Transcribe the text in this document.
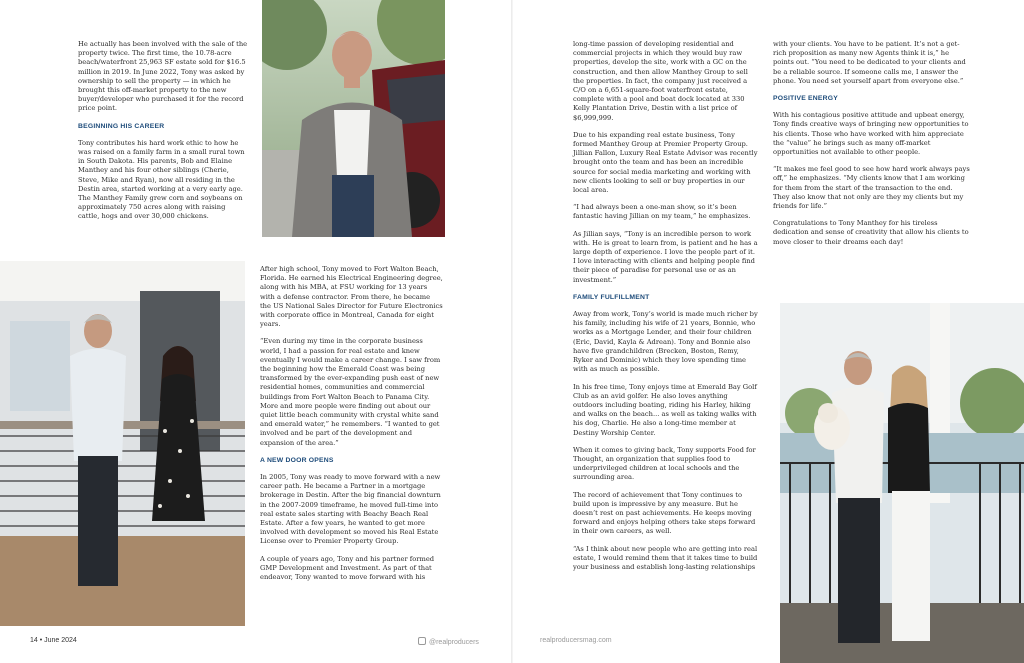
He actually has been involved with the sale of the property twice. The first time, the 10.78-acre beach/waterfront 25,963 SF estate sold for $16.5 million in 2019. In June 2022, Tony was asked by ownership to sell the property — in which he brought this off-market property to the new buyer/developer who purchased it for the record price point.

BEGINNING HIS CAREER

Tony contributes his hard work ethic to how he was raised on a family farm in a small rural town in South Dakota. His parents, Bob and Elaine Manthey and his four other siblings (Cherie, Steve, Mike and Ryan), now all residing in the Destin area, started working at a very early age. The Manthey Family grew corn and soybeans on approximately 750 acres along with raising cattle, hogs and over 30,000 chickens.

After high school, Tony moved to Fort Walton Beach, Florida. He earned his Electrical Engineering degree, along with his MBA, at FSU working for 13 years with a defense contractor. From there, he became the US National Sales Director for Future Electronics with corporate office in Montreal, Canada for eight years.

“Even during my time in the corporate business world, I had a passion for real estate and knew eventually I would make a career change. I saw from the beginning how the Emerald Coast was being transformed by the ever-expanding push east of new residential homes, communities and commercial buildings from Fort Walton Beach to Panama City. More and more people were finding out about our quiet little beach community with crystal white sand and emerald water,” he remembers. “I wanted to get involved and be part of the development and expansion of the area.”

A NEW DOOR OPENS

In 2005, Tony was ready to move forward with a new career path. He became a Partner in a mortgage brokerage in Destin. After the big financial downturn in the 2007-2009 timeframe, he moved full-time into real estate sales starting with Beachy Beach Real Estate. After a few years, he wanted to get more involved with development so moved his Real Estate License over to Premier Property Group.

A couple of years ago, Tony and his partner formed GMP Development and Investment. As part of that endeavor, Tony wanted to move forward with his

14 • June 2024	@realproducers

long-time passion of developing residential and commercial projects in which they would buy raw properties, develop the site, work with a GC on the construction, and then allow Manthey Group to sell the properties. In fact, the company just received a C/O on a 6,651-square-foot waterfront estate, complete with a pool and boat dock located at 330 Kelly Plantation Drive, Destin with a list price of $6,999,999.

Due to his expanding real estate business, Tony formed Manthey Group at Premier Property Group. Jillian Fallon, Luxury Real Estate Advisor was recently brought onto the team and has been an incredible source for social media marketing and working with new clients looking to sell or buy properties in our local area.

“I had always been a one-man show, so it’s been fantastic having Jillian on my team,” he emphasizes.

As Jillian says, “Tony is an incredible person to work with. He is great to learn from, is patient and he has a large depth of experience. I love the people part of it. I love interacting with clients and helping people find their piece of paradise for personal use or as an investment.”

FAMILY FULFILLMENT

Away from work, Tony’s world is made much richer by his family, including his wife of 21 years, Bonnie, who works as a Mortgage Lender, and their four children (Eric, David, Kayla & Adrean). Tony and Bonnie also have five grandchildren (Brecken, Boston, Remy, Ryker and Dominic) which they love spending time with as much as possible.

In his free time, Tony enjoys time at Emerald Bay Golf Club as an avid golfer. He also loves anything outdoors including boating, riding his Harley, hiking and walks on the beach... as well as taking walks with his dog, Charlie. He also a long-time member at Destiny Worship Center.

When it comes to giving back, Tony supports Food for Thought, an organization that supplies food to underprivileged children at local schools and the surrounding area.

The record of achievement that Tony continues to build upon is impressive by any measure. But he doesn’t rest on past achievements. He keeps moving forward and enjoys helping others take steps forward in their own careers, as well.

“As I think about new people who are getting into real estate, I would remind them that it takes time to build your business and establish long-lasting relationships

with your clients. You have to be patient. It’s not a get-rich proposition as many new Agents think it is,” he points out. “You need to be dedicated to your clients and be a reliable source. If someone calls me, I answer the phone. You need set yourself apart from everyone else.”

POSITIVE ENERGY

With his contagious positive attitude and upbeat energy, Tony finds creative ways of bringing new opportunities to his clients. Those who have worked with him appreciate the “value” he brings such as many off-market opportunities not available to other people.

“It makes me feel good to see how hard work always pays off,” he emphasizes. “My clients know that I am working for them from the start of the transaction to the end. They also know that not only are they my clients but my friends for life.”

Congratulations to Tony Manthey for his tireless dedication and sense of creativity that allow his clients to move closer to their dreams each day!

realproducersmag.com
